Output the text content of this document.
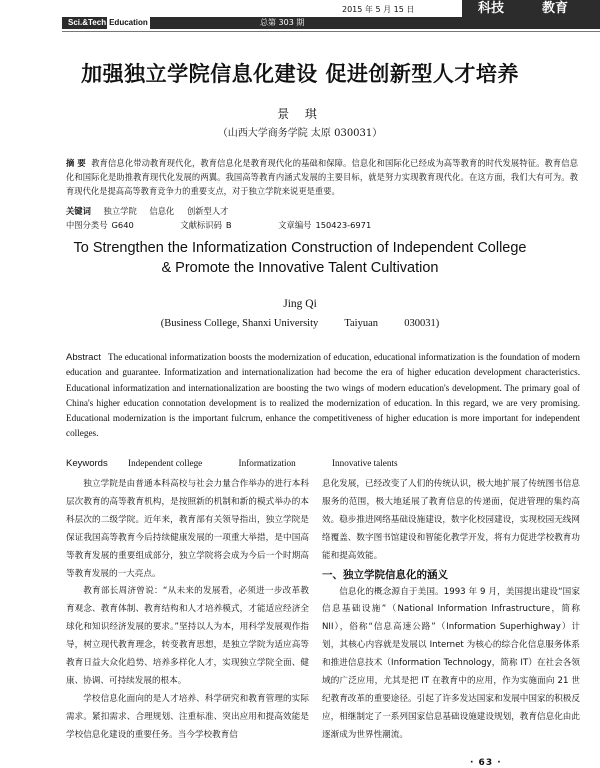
Sci.&Tech Education	总第 303 期
2015 年 5 月 15 日	科技	教育
加强独立学院信息化建设 促进创新型人才培养
景 琪
（山西大学商务学院 太原 030031）
摘 要 教育信息化带动教育现代化，教育信息化是教育现代化的基础和保障。信息化和国际化已经成为高等教育的时代发展特征。教育信息化和国际化是助推教育现代化发展的两翼。我国高等教育内涵式发展的主要目标，就是努力实现教育现代化。在这方面，我们大有可为。教育现代化是提高高等教育竞争力的重要支点，对于独立学院来说更是重要。
关键词 独立学院 信息化 创新型人才
中图分类号 G640	文献标识码 B	文章编号 150423-6971
To Strengthen the Informatization Construction of Independent College
& Promote the Innovative Talent Cultivation
Jing Qi
(Business College, Shanxi University          Taiyuan          030031)
Abstract The educational informatization boosts the modernization of education, educational informatization is the foundation of modern education and guarantee. Informatization and internationalization had become the era of higher education development characteristics. Educational informatization and internationalization are boosting the two wings of modern education's development. The primary goal of China's higher education connotation development is to realized the modernization of education. In this regard, we are very promising. Educational modernization is the important fulcrum, enhance the competitiveness of higher education is more important for independent colleges.
Keywords Independent college	Informatization	Innovative talents

独立学院是由普通本科高校与社会力量合作举办的进行本科层次教育的高等教育机构，是按照新的机制和新的模式举办的本科层次的二级学院。近年来，教育部有关领导指出，独立学院是保证我国高等教育今后持续健康发展的一项重大举措，是中国高等教育发展的重要组成部分，独立学院将会成为今后一个时期高等教育发展的一大亮点。

教育部长周济曾说：“从未来的发展看，必须进一步改革教育观念、教育体制、教育结构和人才培养模式，才能适应经济全球化和知识经济发展的要求。”坚持以人为本，用科学发展观作指导，树立现代教育理念，转变教育思想，是独立学院为适应高等教育日益大众化趋势、培养多样化人才，实现独立学院全面、健康、协调、可持续发展的根本。

学校信息化面向的是人才培养、科学研究和教育管理的实际需求。紧扣需求、合理规划、注重标准、突出应用和提高效能是学校信息化建设的重要任务。当今学校教育信

息化发展，已经改变了人们的传统认识，极大地扩展了传统图书信息服务的范围，极大地延展了教育信息的传递面，促进管理的集约高效。稳步推进网络基础设施建设，数字化校园建设，实现校园无线网络覆盖、数字图书馆建设和智能化教学开发，将有力促进学校教育功能和提高效能。

一、独立学院信息化的涵义

信息化的概念源自于美国。1993 年 9 月，美国提出建设“国家信息基础设施”（National Information Infrastructure，简称 NII），俗称“信息高速公路”（Information Superhighway）计划，其核心内容就是发展以 Internet 为核心的综合化信息服务体系和推进信息技术（Information Technology，简称 IT）在社会各领域的广泛应用，尤其是把 IT 在教育中的应用，作为实施面向 21 世纪教育改革的重要途径。引起了许多发达国家和发展中国家的积极反应，相继制定了一系列国家信息基础设施建设规划，教育信息化由此逐渐成为世界性潮流。

· 63 ·
